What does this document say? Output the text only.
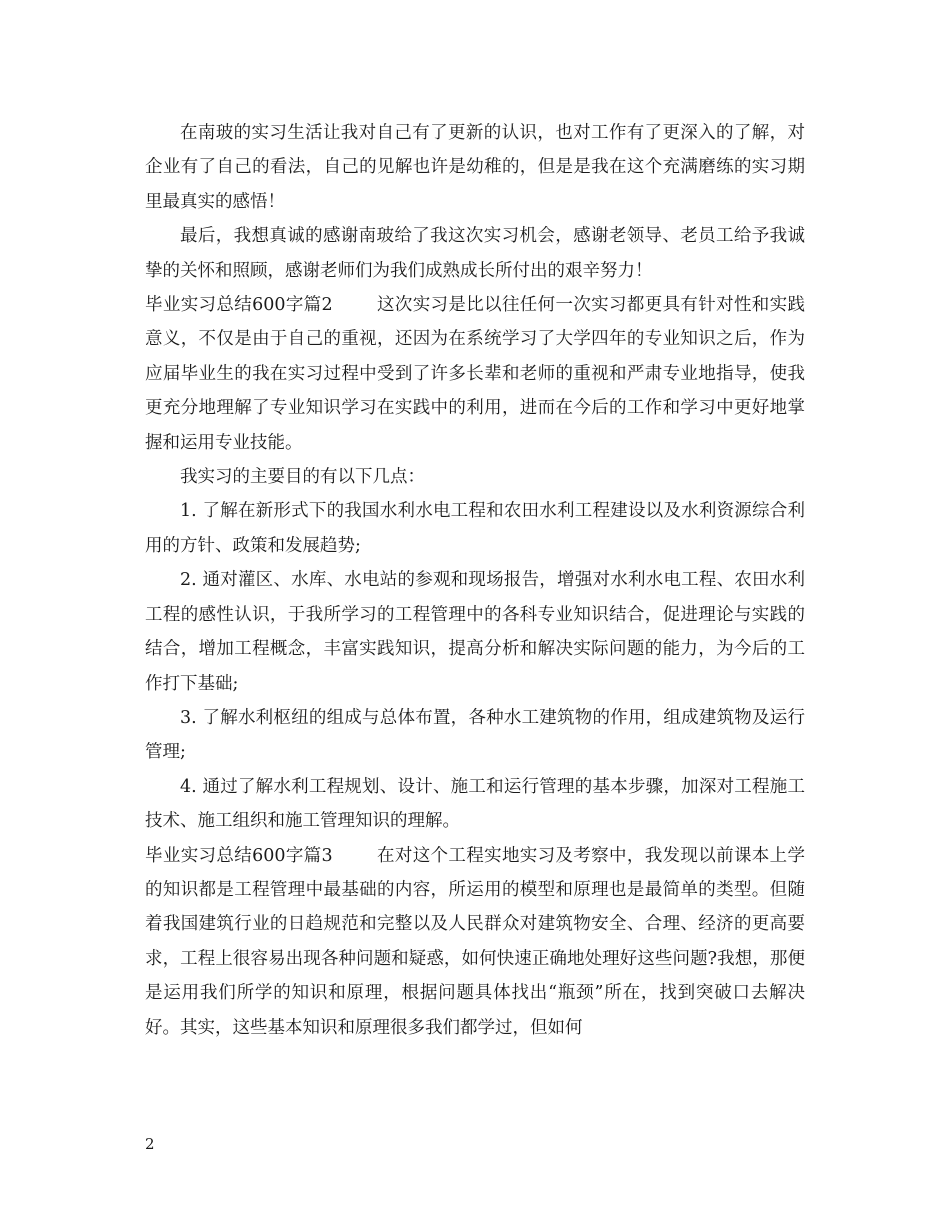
在南玻的实习生活让我对自己有了更新的认识，也对工作有了更深入的了解，对企业有了自己的看法，自己的见解也许是幼稚的，但是是我在这个充满磨练的实习期里最真实的感悟！

最后，我想真诚的感谢南玻给了我这次实习机会，感谢老领导、老员工给予我诚挚的关怀和照顾，感谢老师们为我们成熟成长所付出的艰辛努力！

毕业实习总结600字篇2	这次实习是比以往任何一次实习都更具有针对性和实践意义，不仅是由于自己的重视，还因为在系统学习了大学四年的专业知识之后，作为应届毕业生的我在实习过程中受到了许多长辈和老师的重视和严肃专业地指导，使我更充分地理解了专业知识学习在实践中的利用，进而在今后的工作和学习中更好地掌握和运用专业技能。

我实习的主要目的有以下几点：

1. 了解在新形式下的我国水利水电工程和农田水利工程建设以及水利资源综合利用的方针、政策和发展趋势;

2. 通对灌区、水库、水电站的参观和现场报告，增强对水利水电工程、农田水利工程的感性认识，于我所学习的工程管理中的各科专业知识结合，促进理论与实践的结合，增加工程概念，丰富实践知识，提高分析和解决实际问题的能力，为今后的工作打下基础;

3. 了解水利枢纽的组成与总体布置，各种水工建筑物的作用，组成建筑物及运行管理;

4. 通过了解水利工程规划、设计、施工和运行管理的基本步骤，加深对工程施工技术、施工组织和施工管理知识的理解。

毕业实习总结600字篇3	在对这个工程实地实习及考察中，我发现以前课本上学的知识都是工程管理中最基础的内容，所运用的模型和原理也是最简单的类型。但随着我国建筑行业的日趋规范和完整以及人民群众对建筑物安全、合理、经济的更高要求，工程上很容易出现各种问题和疑惑，如何快速正确地处理好这些问题?我想，那便是运用我们所学的知识和原理，根据问题具体找出“瓶颈”所在，找到突破口去解决好。其实，这些基本知识和原理很多我们都学过，但如何

2
